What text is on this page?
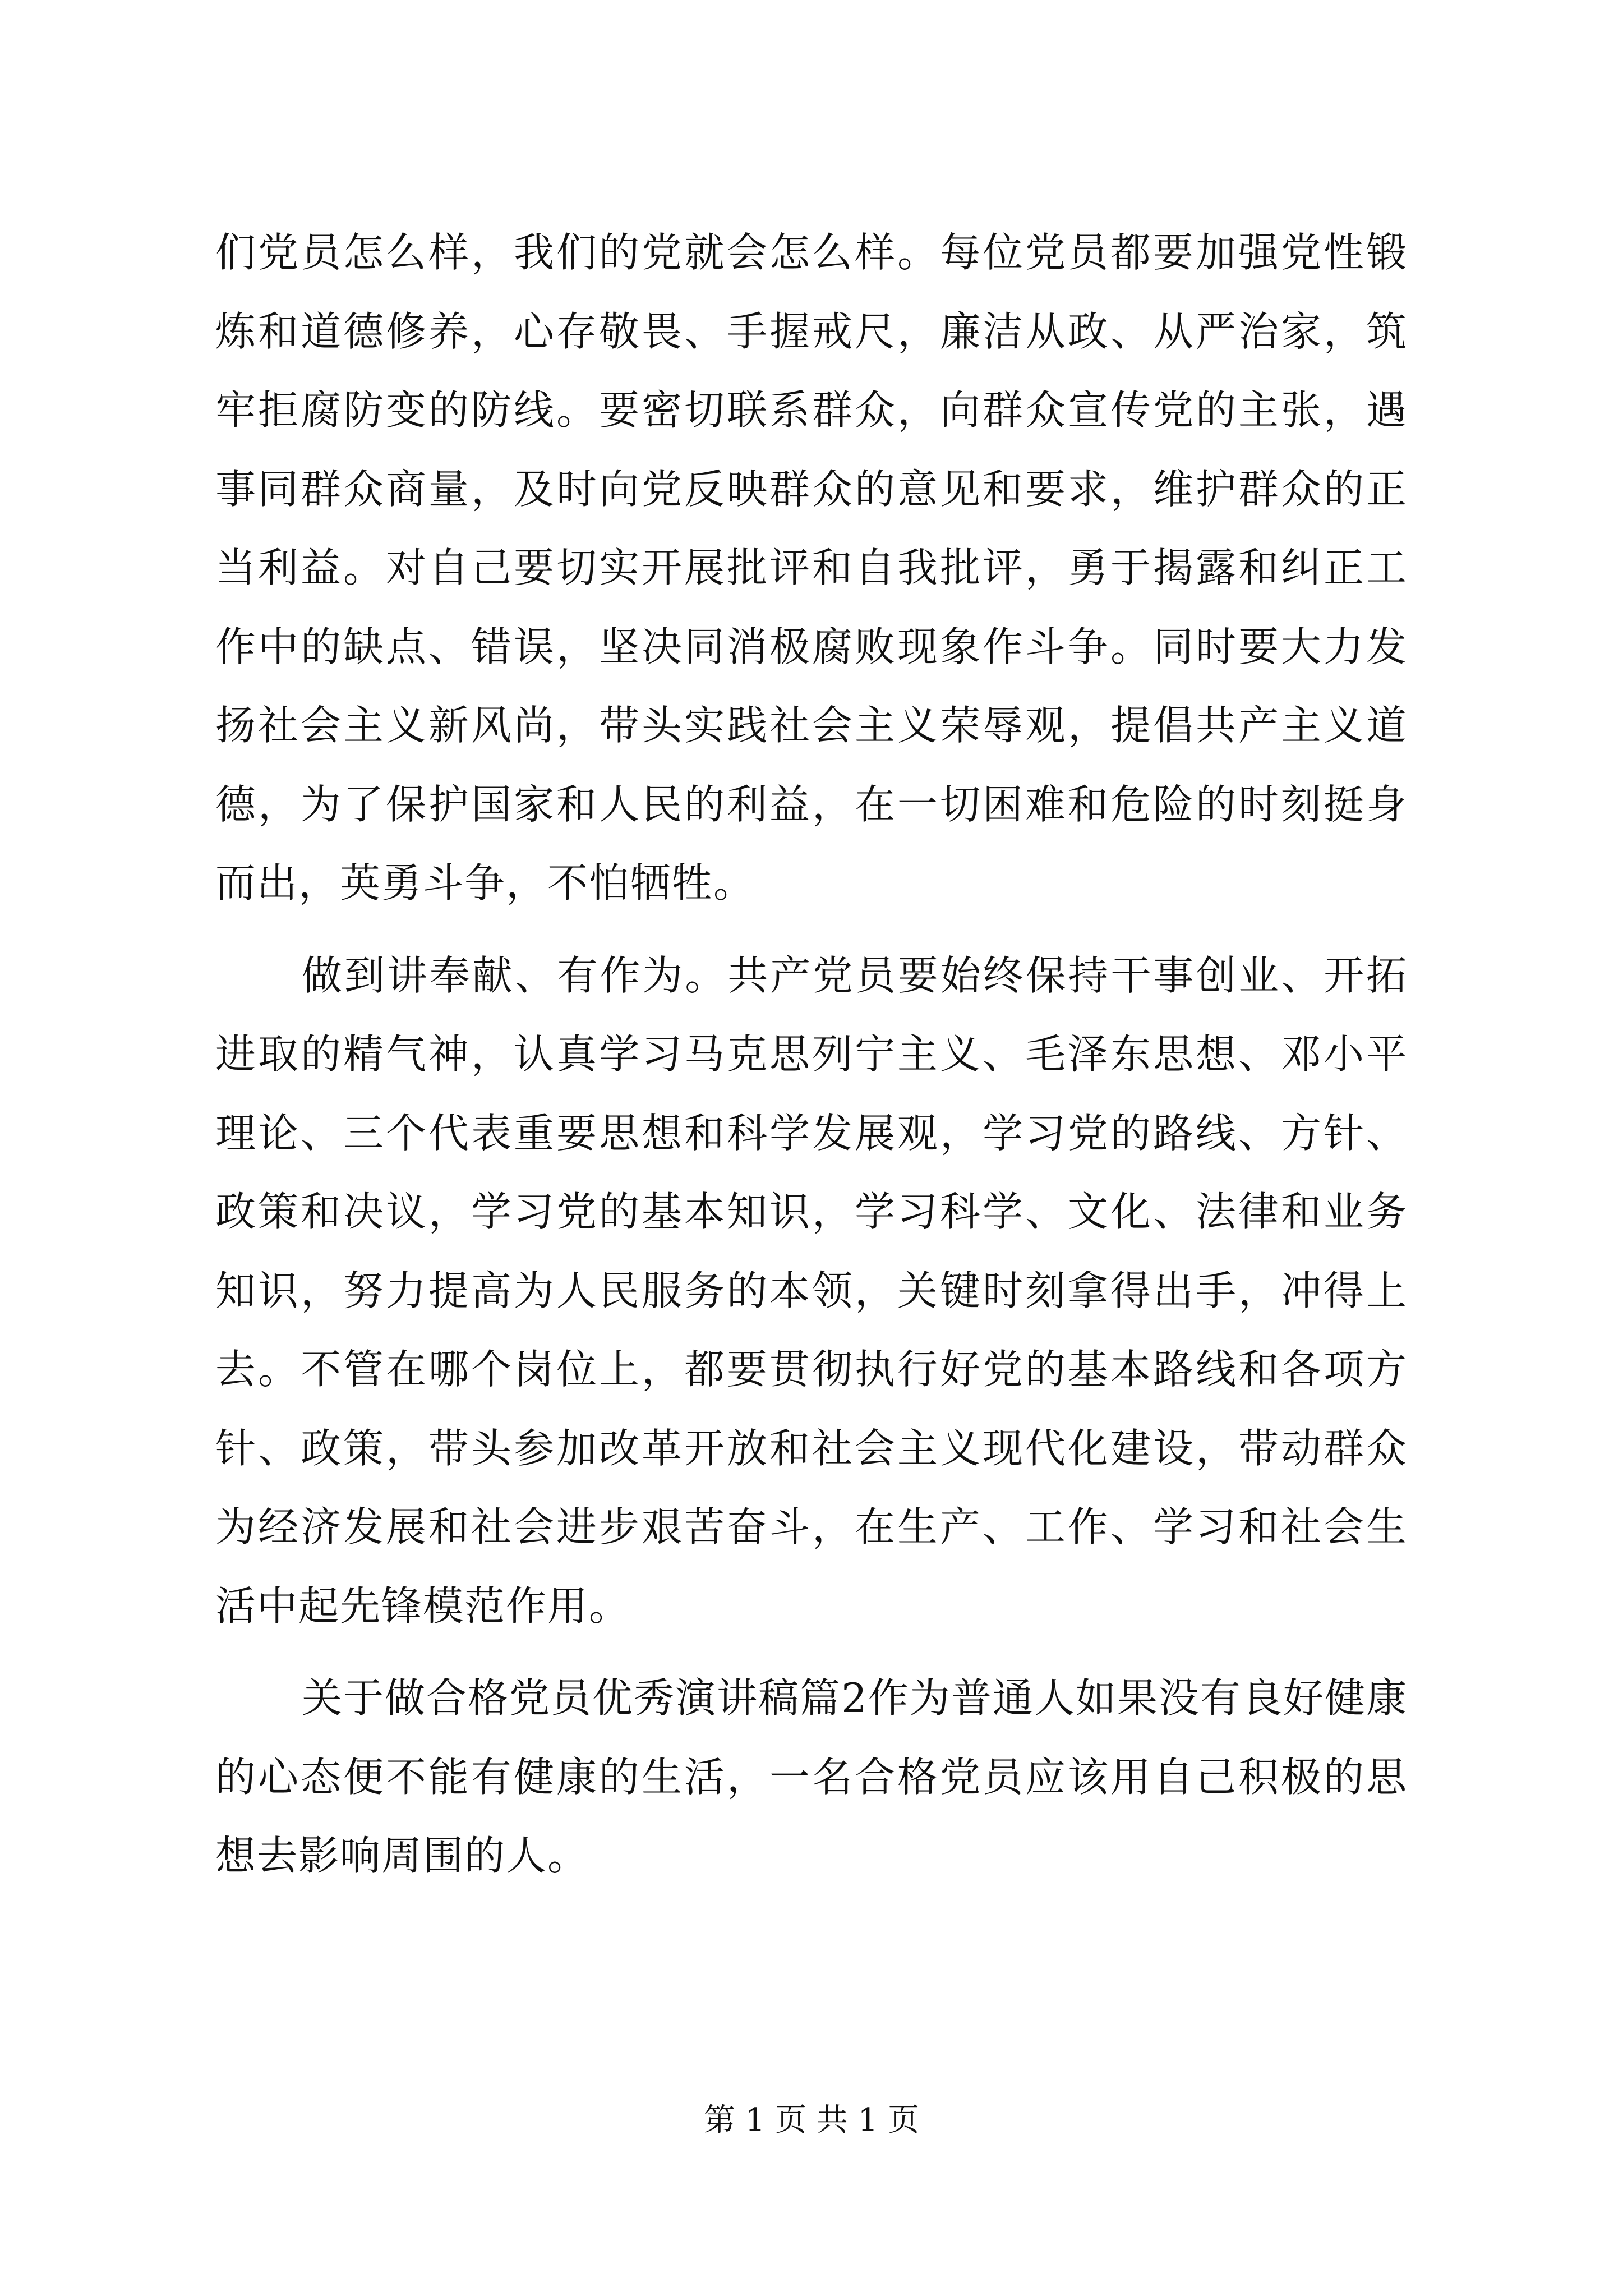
们党员怎么样，我们的党就会怎么样。每位党员都要加强党性锻炼和道德修养，心存敬畏、手握戒尺，廉洁从政、从严治家，筑牢拒腐防变的防线。要密切联系群众，向群众宣传党的主张，遇事同群众商量，及时向党反映群众的意见和要求，维护群众的正当利益。对自己要切实开展批评和自我批评，勇于揭露和纠正工作中的缺点、错误，坚决同消极腐败现象作斗争。同时要大力发扬社会主义新风尚，带头实践社会主义荣辱观，提倡共产主义道德，为了保护国家和人民的利益，在一切困难和危险的时刻挺身而出，英勇斗争，不怕牺牲。

做到讲奉献、有作为。共产党员要始终保持干事创业、开拓进取的精气神，认真学习马克思列宁主义、毛泽东思想、邓小平理论、三个代表重要思想和科学发展观，学习党的路线、方针、政策和决议，学习党的基本知识，学习科学、文化、法律和业务知识，努力提高为人民服务的本领，关键时刻拿得出手，冲得上去。不管在哪个岗位上，都要贯彻执行好党的基本路线和各项方针、政策，带头参加改革开放和社会主义现代化建设，带动群众为经济发展和社会进步艰苦奋斗，在生产、工作、学习和社会生活中起先锋模范作用。

关于做合格党员优秀演讲稿篇2作为普通人如果没有良好健康的心态便不能有健康的生活，一名合格党员应该用自己积极的思想去影响周围的人。

第 1 页 共 1 页
